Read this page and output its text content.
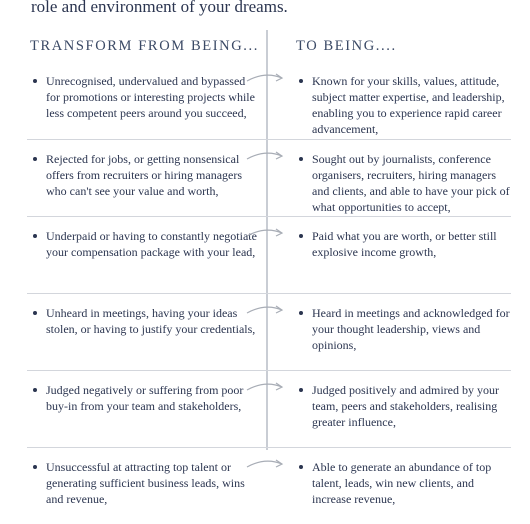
role and environment of your dreams.
TRANSFORM FROM BEING...	TO BEING....
Unrecognised, undervalued and bypassed for promotions or interesting projects while less competent peers around you succeed,
Known for your skills, values, attitude, subject matter expertise, and leadership, enabling you to experience rapid career advancement,
Rejected for jobs, or getting nonsensical offers from recruiters or hiring managers who can't see your value and worth,
Sought out by journalists, conference organisers, recruiters, hiring managers and clients, and able to have your pick of what opportunities to accept,
Underpaid or having to constantly negotiate your compensation package with your lead,
Paid what you are worth, or better still explosive income growth,
Unheard in meetings, having your ideas stolen, or having to justify your credentials,
Heard in meetings and acknowledged for your thought leadership, views and opinions,
Judged negatively or suffering from poor buy-in from your team and stakeholders,
Judged positively and admired by your team, peers and stakeholders, realising greater influence,
Unsuccessful at attracting top talent or generating sufficient business leads, wins and revenue,
Able to generate an abundance of top talent, leads, win new clients, and increase revenue,
